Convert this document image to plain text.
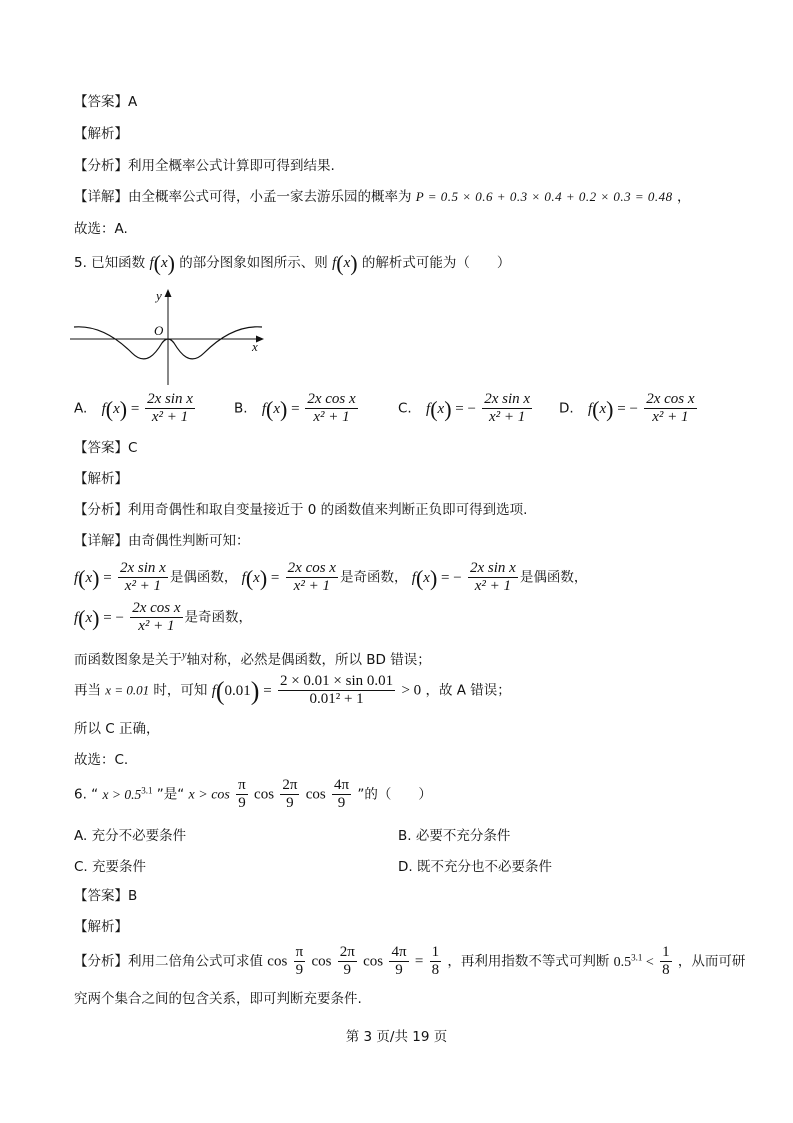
【答案】A
【解析】
【分析】利用全概率公式计算即可得到结果.
【详解】由全概率公式可得，小孟一家去游乐园的概率为 P = 0.5 × 0.6 + 0.3 × 0.4 + 0.2 × 0.3 = 0.48 ，
故选：A.
5. 已知函数 f(x) 的部分图象如图所示、则 f(x) 的解析式可能为（　　）
y
O
x
A. $f(x) = \frac{\text{2x sin x}}{\text{x² + 1}}$	B. $f(x) = \frac{\text{2x cos x}}{\text{x² + 1}}$	C. f(x) = − $\frac{\text{2x sin x}}{\text{x² + 1}} D$. f(x) = − $\frac{\text{2x cos x}}{\text{x² + 1}}$
【答案】C
【解析】
【分析】利用奇偶性和取自变量接近于 0 的函数值来判断正负即可得到选项.
【详解】由奇偶性判断可知：
$f(x) = \frac{\text{2x sin x}}{\text{x² + 1}}$ 是偶函数， $f(x) = \frac{\text{2x cos x}}{\text{x² + 1}}$ 是奇函数， f(x) = − $\frac{\text{2x sin x}}{\text{x² + 1}}$ 是偶函数，
f(x) = − $\frac{\text{2x cos x}}{\text{x² + 1}}$ 是奇函数，
而函数图象是关于$^y$轴对称，必然是偶函数，所以 BD 错误；
再当 x = 0.01 时，可知 $f(0.01) = \frac{2 \times 0.01 \times \sin 0.01}{\text{0.01² + 1}} > 0$ ，故 A 错误；
所以 C 正确，
故选：C.
6. “ $x > 0.5^{3.1}$ ”是“ $x > \cos \frac{\pi}{9}$ $\cos \frac{2\pi}{9}$ $\cos \frac{4\pi}{9}$ ”的（　　）
A. 充分不必要条件	B. 必要不充分条件
C. 充要条件	D. 既不充分也不必要条件
【答案】B
【解析】
【分析】利用二倍角公式可求值 $\cos \frac{\pi}{9}$ $\cos \frac{2\pi}{9}$ $\cos \frac{4\pi}{9} = \frac{1}{8}$ ，再利用指数不等式可判断 $0.5^{3.1} < \frac{1}{8}$ ，从而可研
究两个集合之间的包含关系，即可判断充要条件.
第 3 页/共 19 页
